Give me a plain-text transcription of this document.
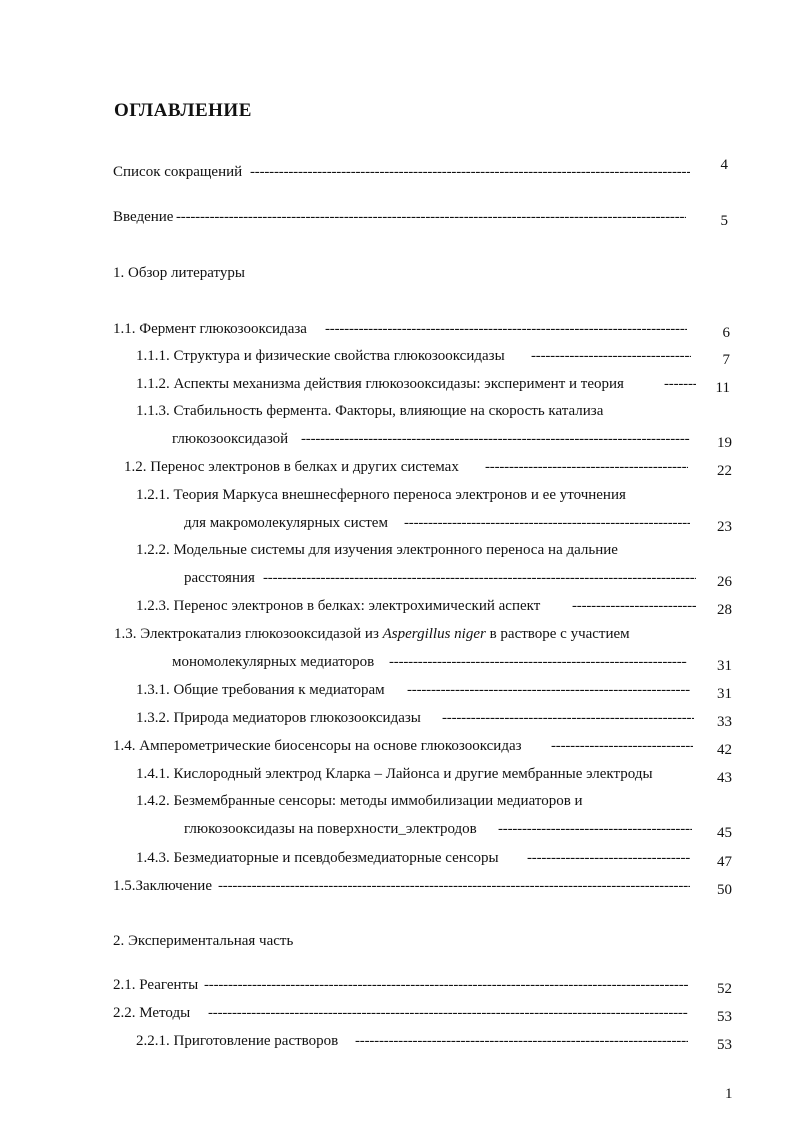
ОГЛАВЛЕНИЕ
Список сокращений -----	4
Введение -----	5
1. Обзор литературы
1.1. Фермент глюкозооксидаза -----	6
1.1.1. Структура и физические свойства глюкозооксидазы -----	7
1.1.2. Аспекты механизма действия глюкозооксидазы: эксперимент и теория -----	11
1.1.3. Стабильность фермента. Факторы, влияющие на скорость катализа
глюкозооксидазой -----	19
1.2. Перенос электронов в белках и других системах -----	22
1.2.1. Теория Маркуса внешнесферного переноса электронов и ее уточнения
для макромолекулярных систем -----	23
1.2.2. Модельные системы для изучения электронного переноса на дальние
расстояния -----	26
1.2.3. Перенос электронов в белках: электрохимический аспект -----	28
1.3. Электрокатализ глюкозооксидазой из Aspergillus niger в растворе с участием
мономолекулярных медиаторов -----	31
1.3.1. Общие требования к медиаторам -----	31
1.3.2. Природа медиаторов глюкозооксидазы -----	33
1.4. Амперометрические биосенсоры на основе глюкозооксидаз -----	42
1.4.1. Кислородный электрод Кларка – Лайонса и другие мембранные электроды	43
1.4.2. Безмембранные сенсоры: методы иммобилизации медиаторов и
глюкозооксидазы на поверхности_электродов -----	45
1.4.3. Безмедиаторные и псевдобезмедиаторные сенсоры -----	47
1.5.Заключение -----	50
2. Экспериментальная часть
2.1. Реагенты -----	52
2.2. Методы -----	53
2.2.1. Приготовление растворов -----	53
1
